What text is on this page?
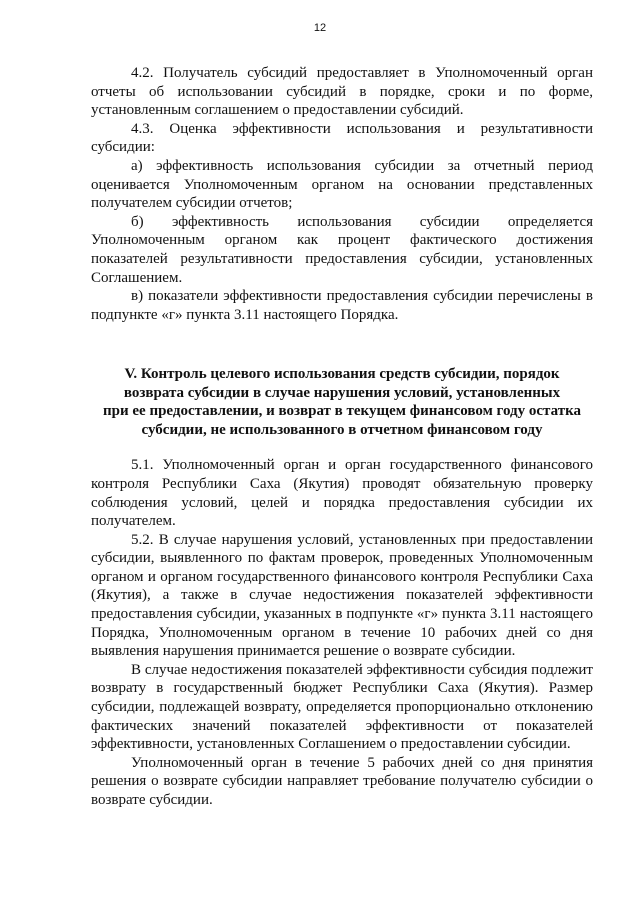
12

4.2. Получатель субсидий предоставляет в Уполномоченный орган отчеты об использовании субсидий в порядке, сроки и по форме, установленным соглашением о предоставлении субсидий.

4.3. Оценка эффективности использования и результативности субсидии:

а) эффективность использования субсидии за отчетный период оценивается Уполномоченным органом на основании представленных получателем субсидии отчетов;

б) эффективность использования субсидии определяется Уполномоченным органом как процент фактического достижения показателей результативности предоставления субсидии, установленных Соглашением.

в) показатели эффективности предоставления субсидии перечислены в подпункте «г» пункта 3.11 настоящего Порядка.

V. Контроль целевого использования средств субсидии, порядок
возврата субсидии в случае нарушения условий, установленных
при ее предоставлении, и возврат в текущем финансовом году остатка
субсидии, не использованного в отчетном финансовом году

5.1. Уполномоченный орган и орган государственного финансового контроля Республики Саха (Якутия) проводят обязательную проверку соблюдения условий, целей и порядка предоставления субсидии их получателем.

5.2. В случае нарушения условий, установленных при предоставлении субсидии, выявленного по фактам проверок, проведенных Уполномоченным органом и органом государственного финансового контроля Республики Саха (Якутия), а также в случае недостижения показателей эффективности предоставления субсидии, указанных в подпункте «г» пункта 3.11 настоящего Порядка, Уполномоченным органом в течение 10 рабочих дней со дня выявления нарушения принимается решение о возврате субсидии.

В случае недостижения показателей эффективности субсидия подлежит возврату в государственный бюджет Республики Саха (Якутия). Размер субсидии, подлежащей возврату, определяется пропорционально отклонению фактических значений показателей эффективности от показателей эффективности, установленных Соглашением о предоставлении субсидии.

Уполномоченный орган в течение 5 рабочих дней со дня принятия решения о возврате субсидии направляет требование получателю субсидии о возврате субсидии.
